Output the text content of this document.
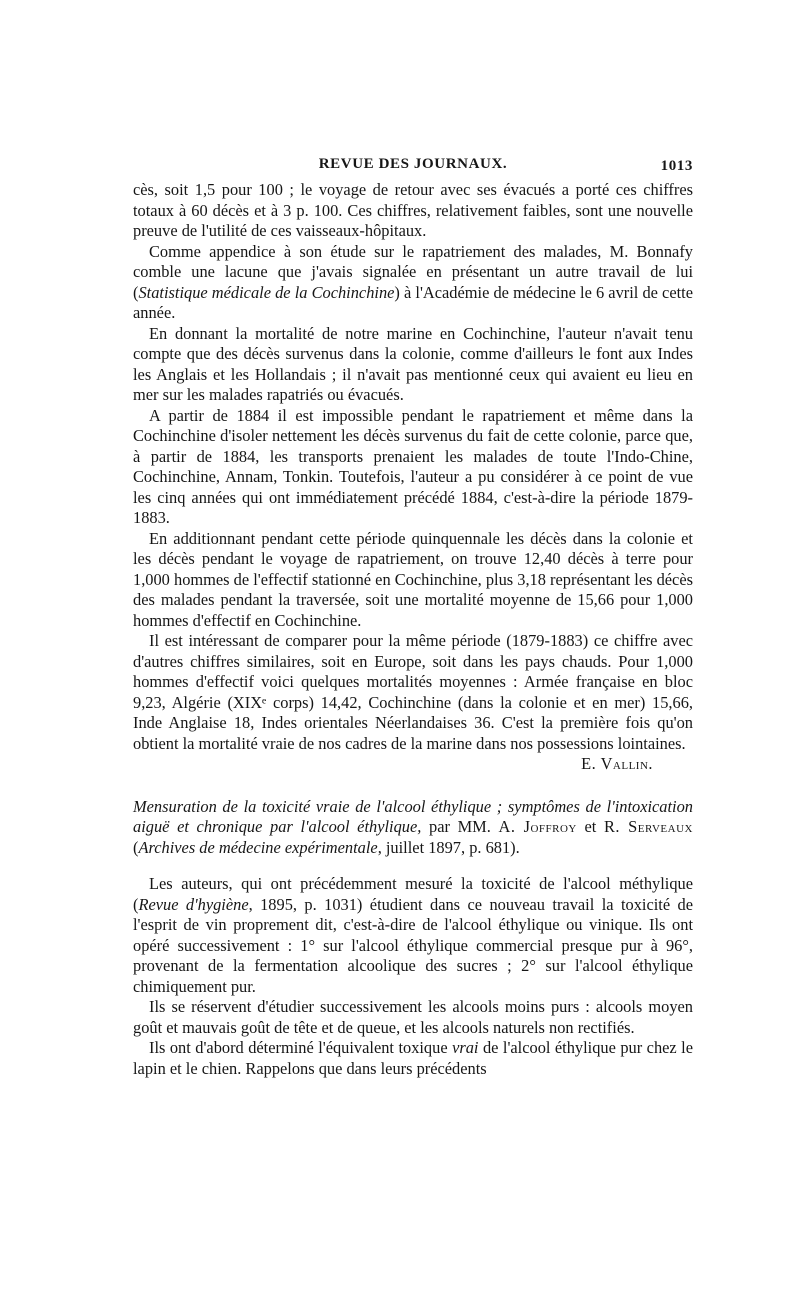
REVUE DES JOURNAUX.	1013

cès, soit 1,5 pour 100 ; le voyage de retour avec ses évacués a porté ces chiffres totaux à 60 décès et à 3 p. 100. Ces chiffres, relativement faibles, sont une nouvelle preuve de l'utilité de ces vaisseaux-hôpitaux.

Comme appendice à son étude sur le rapatriement des malades, M. Bonnafy comble une lacune que j'avais signalée en présentant un autre travail de lui (Statistique médicale de la Cochinchine) à l'Académie de médecine le 6 avril de cette année.

En donnant la mortalité de notre marine en Cochinchine, l'auteur n'avait tenu compte que des décès survenus dans la colonie, comme d'ailleurs le font aux Indes les Anglais et les Hollandais ; il n'avait pas mentionné ceux qui avaient eu lieu en mer sur les malades rapatriés ou évacués.

A partir de 1884 il est impossible pendant le rapatriement et même dans la Cochinchine d'isoler nettement les décès survenus du fait de cette colonie, parce que, à partir de 1884, les transports prenaient les malades de toute l'Indo-Chine, Cochinchine, Annam, Tonkin. Toutefois, l'auteur a pu considérer à ce point de vue les cinq années qui ont immédiatement précédé 1884, c'est-à-dire la période 1879-1883.

En additionnant pendant cette période quinquennale les décès dans la colonie et les décès pendant le voyage de rapatriement, on trouve 12,40 décès à terre pour 1,000 hommes de l'effectif stationné en Cochinchine, plus 3,18 représentant les décès des malades pendant la traversée, soit une mortalité moyenne de 15,66 pour 1,000 hommes d'effectif en Cochinchine.

Il est intéressant de comparer pour la même période (1879-1883) ce chiffre avec d'autres chiffres similaires, soit en Europe, soit dans les pays chauds. Pour 1,000 hommes d'effectif voici quelques mortalités moyennes : Armée française en bloc 9,23, Algérie (XIXᵉ corps) 14,42, Cochinchine (dans la colonie et en mer) 15,66, Inde Anglaise 18, Indes orientales Néerlandaises 36. C'est la première fois qu'on obtient la mortalité vraie de nos cadres de la marine dans nos possessions lointaines.

E. Vallin.

Mensuration de la toxicité vraie de l'alcool éthylique ; symptômes de l'intoxication aiguë et chronique par l'alcool éthylique, par MM. A. Joffroy et R. Serveaux (Archives de médecine expérimentale, juillet 1897, p. 681).

Les auteurs, qui ont précédemment mesuré la toxicité de l'alcool méthylique (Revue d'hygiène, 1895, p. 1031) étudient dans ce nouveau travail la toxicité de l'esprit de vin proprement dit, c'est-à-dire de l'alcool éthylique ou vinique. Ils ont opéré successivement : 1° sur l'alcool éthylique commercial presque pur à 96°, provenant de la fermentation alcoolique des sucres ; 2° sur l'alcool éthylique chimiquement pur.

Ils se réservent d'étudier successivement les alcools moins purs : alcools moyen goût et mauvais goût de tête et de queue, et les alcools naturels non rectifiés.

Ils ont d'abord déterminé l'équivalent toxique vrai de l'alcool éthylique pur chez le lapin et le chien. Rappelons que dans leurs précédents
